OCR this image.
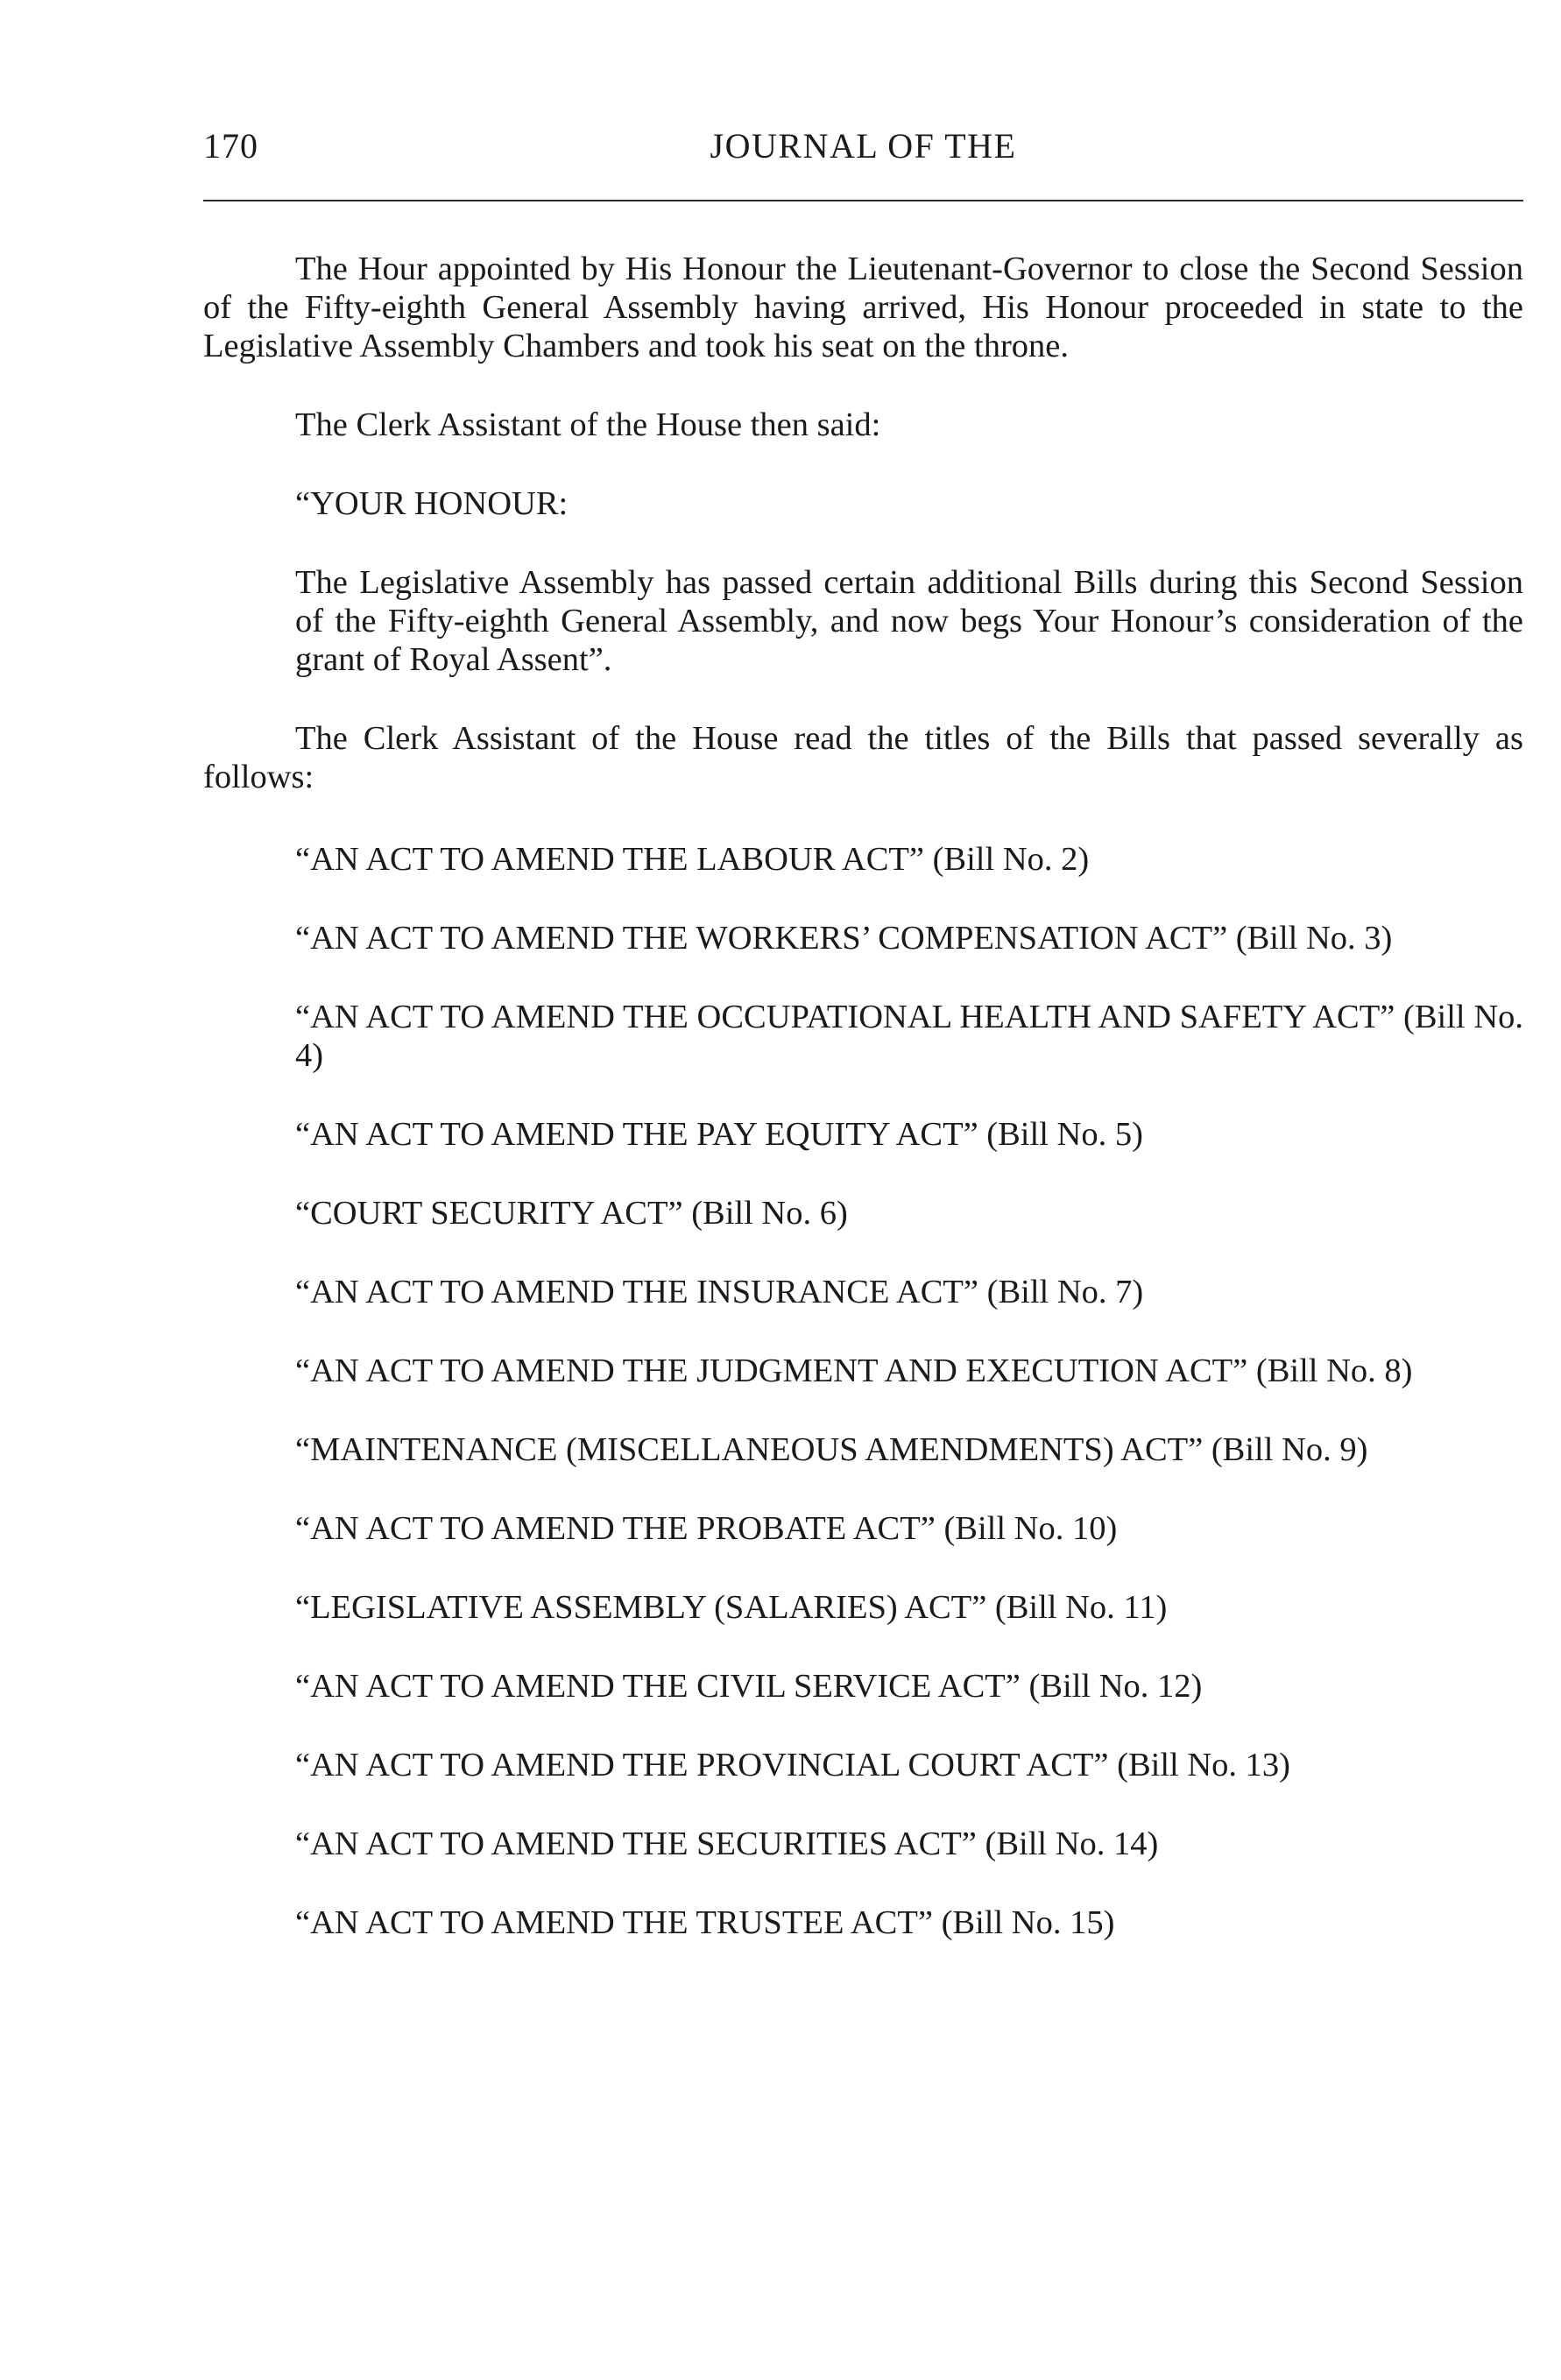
170	JOURNAL OF THE

The Hour appointed by His Honour the Lieutenant-Governor to close the Second Session of the Fifty-eighth General Assembly having arrived, His Honour proceeded in state to the Legislative Assembly Chambers and took his seat on the throne.

The Clerk Assistant of the House then said:

“YOUR HONOUR:

The Legislative Assembly has passed certain additional Bills during this Second Session of the Fifty-eighth General Assembly, and now begs Your Honour’s consideration of the grant of Royal Assent”.

The Clerk Assistant of the House read the titles of the Bills that passed severally as follows:

“AN ACT TO AMEND THE LABOUR ACT” (Bill No. 2)
“AN ACT TO AMEND THE WORKERS’ COMPENSATION ACT” (Bill No. 3)
“AN ACT TO AMEND THE OCCUPATIONAL HEALTH AND SAFETY ACT” (Bill No. 4)
“AN ACT TO AMEND THE PAY EQUITY ACT” (Bill No. 5)
“COURT SECURITY ACT” (Bill No. 6)
“AN ACT TO AMEND THE INSURANCE ACT” (Bill No. 7)
“AN ACT TO AMEND THE JUDGMENT AND EXECUTION ACT” (Bill No. 8)
“MAINTENANCE (MISCELLANEOUS AMENDMENTS) ACT” (Bill No. 9)
“AN ACT TO AMEND THE PROBATE ACT” (Bill No. 10)
“LEGISLATIVE ASSEMBLY (SALARIES) ACT” (Bill No. 11)
“AN ACT TO AMEND THE CIVIL SERVICE ACT” (Bill No. 12)
“AN ACT TO AMEND THE PROVINCIAL COURT ACT” (Bill No. 13)
“AN ACT TO AMEND THE SECURITIES ACT” (Bill No. 14)
“AN ACT TO AMEND THE TRUSTEE ACT” (Bill No. 15)
